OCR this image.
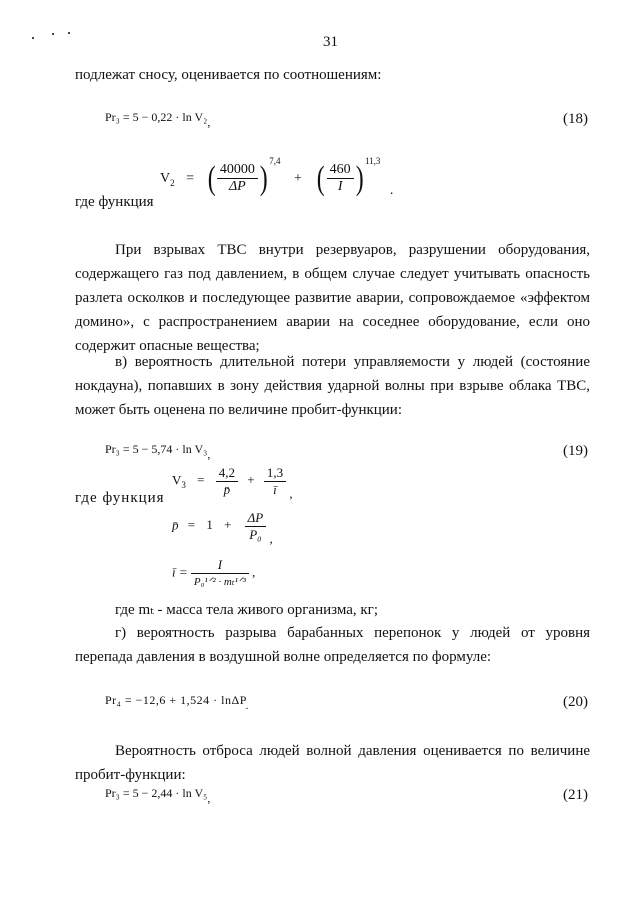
31
подлежат сносу, оценивается по соотношениям:
Pr₃ = 5 − 0,22 · ln V₂,	(18)
где функция
$V_2$ = ( $\frac{40000}{\Delta P}$ ) $^{7,4}$ + ( $\frac{460}{I}$ ) $^{11,3}$ .
При взрывах ТВС внутри резервуаров, разрушении оборудования,
содержащего газ под давлением, в общем случае следует учитывать опасность
разлета осколков и последующее развитие аварии, сопровождаемое «эффектом
домино», с распространением аварии на соседнее оборудование, если оно
содержит опасные вещества;
в) вероятность длительной потери управляемости у людей (состояние
нокдауна), попавших в зону действия ударной волны при взрыве облака ТВС,
может быть оценена по величине пробит-функции:
Pr₃ = 5 − 5,74 · ln V₃,	(19)
где функция
$V_3 = \frac{4,2}{p̄} + \frac{1,3}{ī}$ ,
p̄ = $1 + \frac{\Delta P}{\text{P₀}}$ ,
ī = $\frac{I}{\text{P₀¹ᐟ² · mₜ¹ᐟ³}}$ ,
где mₜ - масса тела живого организма, кг;
г) вероятность разрыва барабанных перепонок у людей от уровня
перепада давления в воздушной волне определяется по формуле:
Pr₄ = −12,6 + 1,524 · lnΔP.	(20)
Вероятность отброса людей волной давления оценивается по величине
пробит-функции:
Pr₃ = 5 − 2,44 · ln V₅,	(21)
